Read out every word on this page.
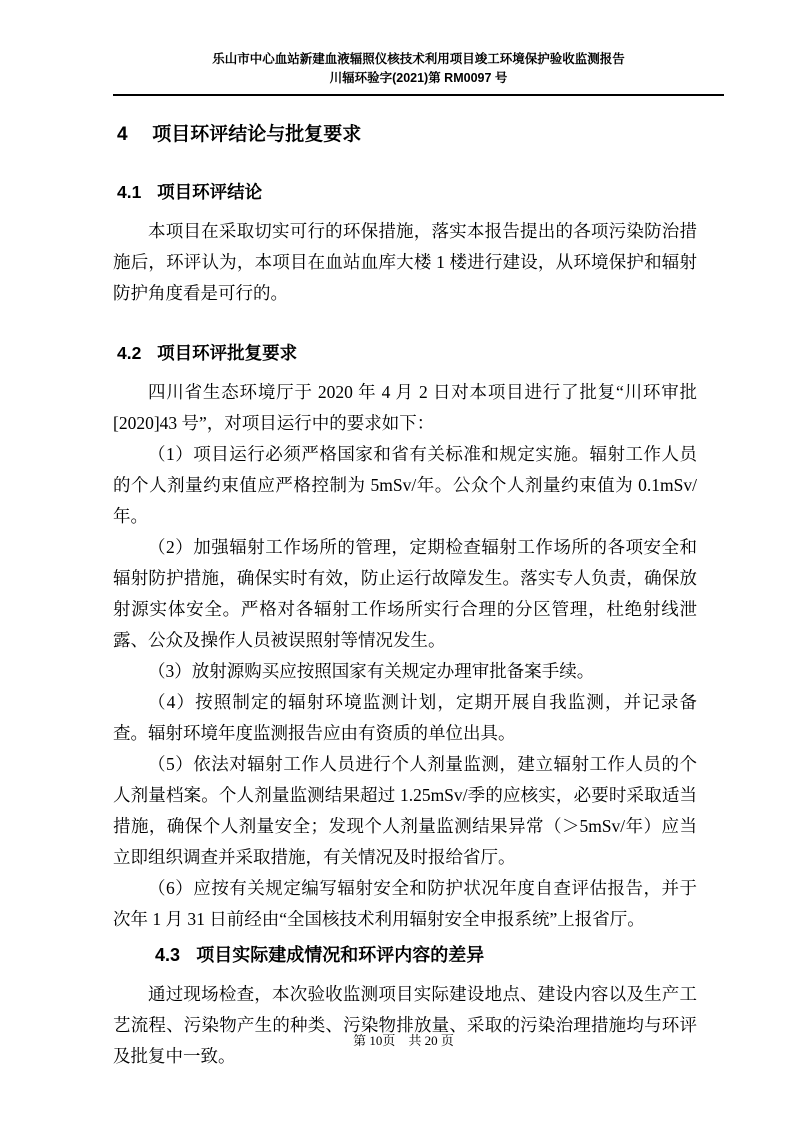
乐山市中心血站新建血液辐照仪核技术利用项目竣工环境保护验收监测报告
川辐环验字(2021)第 RM0097 号
4 项目环评结论与批复要求
4.1 项目环评结论

本项目在采取切实可行的环保措施，落实本报告提出的各项污染防治措施后，环评认为，本项目在血站血库大楼 1 楼进行建设，从环境保护和辐射防护角度看是可行的。

4.2 项目环评批复要求

四川省生态环境厅于 2020 年 4 月 2 日对本项目进行了批复“川环审批[2020]43 号”，对项目运行中的要求如下：

（1）项目运行必须严格国家和省有关标准和规定实施。辐射工作人员的个人剂量约束值应严格控制为 5mSv/年。公众个人剂量约束值为 0.1mSv/年。

（2）加强辐射工作场所的管理，定期检查辐射工作场所的各项安全和辐射防护措施，确保实时有效，防止运行故障发生。落实专人负责，确保放射源实体安全。严格对各辐射工作场所实行合理的分区管理，杜绝射线泄露、公众及操作人员被误照射等情况发生。

（3）放射源购买应按照国家有关规定办理审批备案手续。

（4）按照制定的辐射环境监测计划，定期开展自我监测，并记录备查。辐射环境年度监测报告应由有资质的单位出具。

（5）依法对辐射工作人员进行个人剂量监测，建立辐射工作人员的个人剂量档案。个人剂量监测结果超过 1.25mSv/季的应核实，必要时采取适当措施，确保个人剂量安全；发现个人剂量监测结果异常（＞5mSv/年）应当立即组织调查并采取措施，有关情况及时报给省厅。

（6）应按有关规定编写辐射安全和防护状况年度自查评估报告，并于次年 1 月 31 日前经由“全国核技术利用辐射安全申报系统”上报省厅。

4.3 项目实际建成情况和环评内容的差异

通过现场检查，本次验收监测项目实际建设地点、建设内容以及生产工艺流程、污染物产生的种类、污染物排放量、采取的污染治理措施均与环评及批复中一致。

第 10页　共 20 页
